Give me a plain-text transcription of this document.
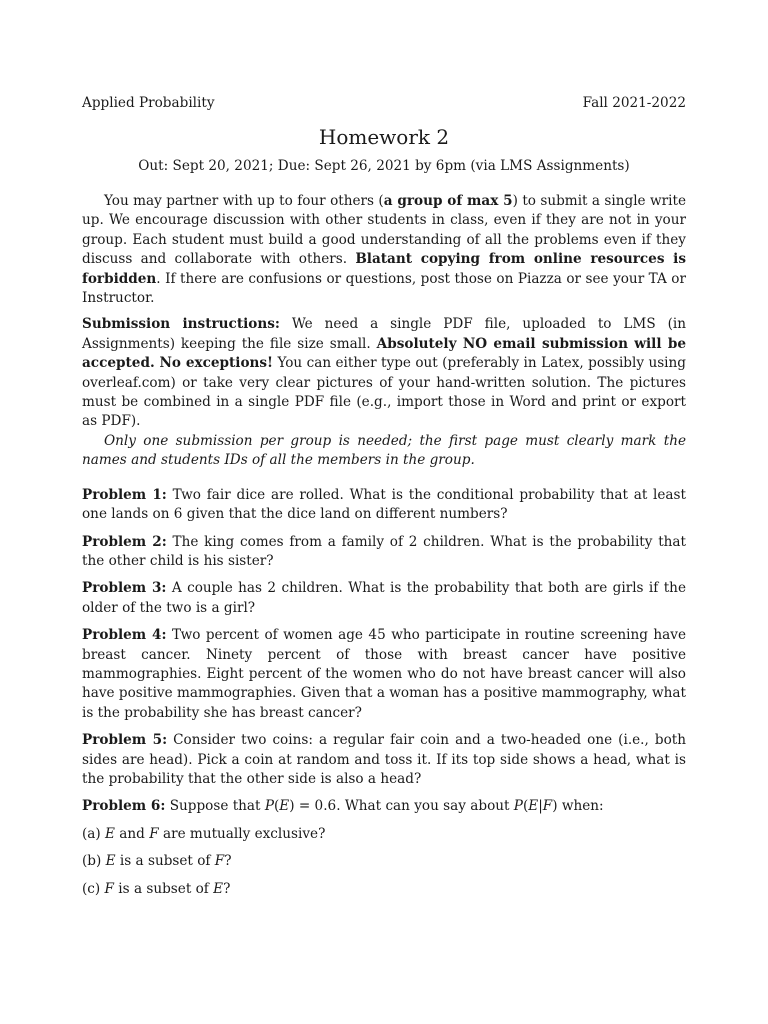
Applied Probability	Fall 2021-2022
Homework 2
Out: Sept 20, 2021; Due: Sept 26, 2021 by 6pm (via LMS Assignments)

You may partner with up to four others (a group of max 5) to submit a single write up. We encourage discussion with other students in class, even if they are not in your group. Each student must build a good understanding of all the problems even if they discuss and collaborate with others. Blatant copying from online resources is forbidden. If there are confusions or questions, post those on Piazza or see your TA or Instructor.

Submission instructions: We need a single PDF file, uploaded to LMS (in Assignments) keeping the file size small. Absolutely NO email submission will be accepted. No exceptions! You can either type out (preferably in Latex, possibly using overleaf.com) or take very clear pictures of your hand-written solution. The pictures must be combined in a single PDF file (e.g., import those in Word and print or export as PDF).

Only one submission per group is needed; the first page must clearly mark the names and students IDs of all the members in the group.

Problem 1: Two fair dice are rolled. What is the conditional probability that at least one lands on 6 given that the dice land on different numbers?

Problem 2: The king comes from a family of 2 children. What is the probability that the other child is his sister?

Problem 3: A couple has 2 children. What is the probability that both are girls if the older of the two is a girl?

Problem 4: Two percent of women age 45 who participate in routine screening have breast cancer. Ninety percent of those with breast cancer have positive mammographies. Eight percent of the women who do not have breast cancer will also have positive mammographies. Given that a woman has a positive mammography, what is the probability she has breast cancer?

Problem 5: Consider two coins: a regular fair coin and a two-headed one (i.e., both sides are head). Pick a coin at random and toss it. If its top side shows a head, what is the probability that the other side is also a head?

Problem 6: Suppose that P(E) = 0.6. What can you say about P(E|F) when:

(a) E and F are mutually exclusive?

(b) E is a subset of F?

(c) F is a subset of E?
